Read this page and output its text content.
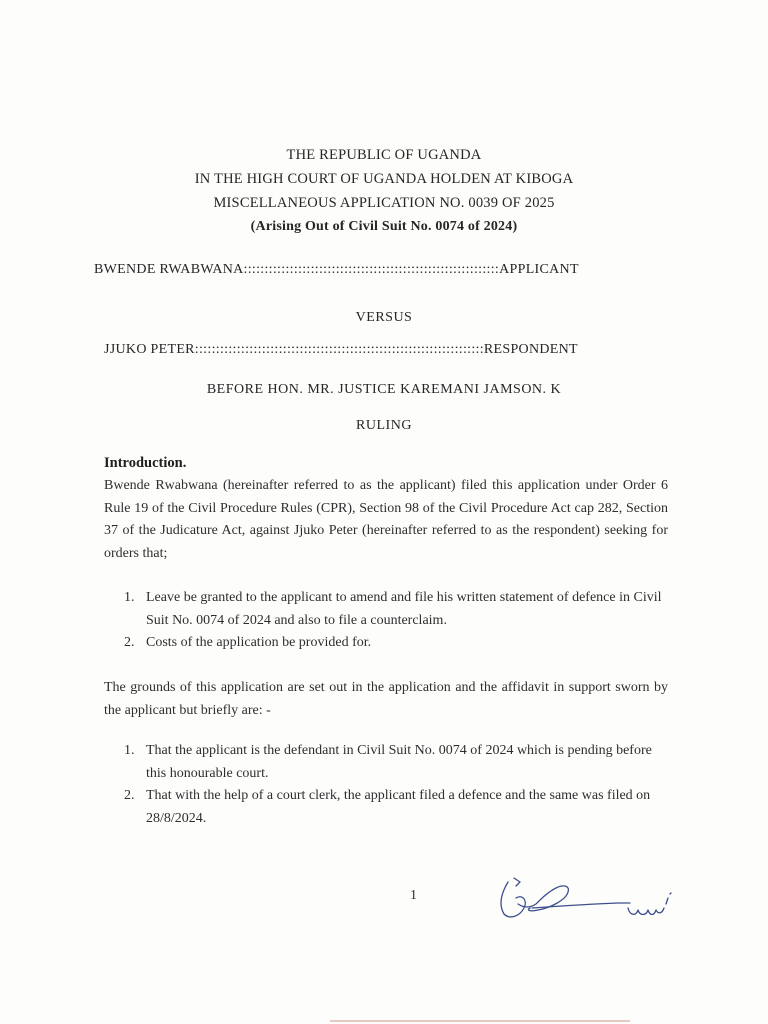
THE REPUBLIC OF UGANDA
IN THE HIGH COURT OF UGANDA HOLDEN AT KIBOGA
MISCELLANEOUS APPLICATION NO. 0039 OF 2025
(Arising Out of Civil Suit No. 0074 of 2024)
BWENDE RWABWANA:::::::::::::::::::::::::::::::::::::::::::::::::::::::::::::APPLICANT
VERSUS
JJUKO PETER:::::::::::::::::::::::::::::::::::::::::::::::::::::::::::::::::::::RESPONDENT
BEFORE HON. MR. JUSTICE KAREMANI JAMSON. K
RULING
Introduction.
Bwende Rwabwana (hereinafter referred to as the applicant) filed this application under Order 6 Rule 19 of the Civil Procedure Rules (CPR), Section 98 of the Civil Procedure Act cap 282, Section 37 of the Judicature Act, against Jjuko Peter (hereinafter referred to as the respondent) seeking for orders that;
1. Leave be granted to the applicant to amend and file his written statement of defence in Civil Suit No. 0074 of 2024 and also to file a counterclaim.
2. Costs of the application be provided for.
The grounds of this application are set out in the application and the affidavit in support sworn by the applicant but briefly are: -
1. That the applicant is the defendant in Civil Suit No. 0074 of 2024 which is pending before this honourable court.
2. That with the help of a court clerk, the applicant filed a defence and the same was filed on 28/8/2024.
1
